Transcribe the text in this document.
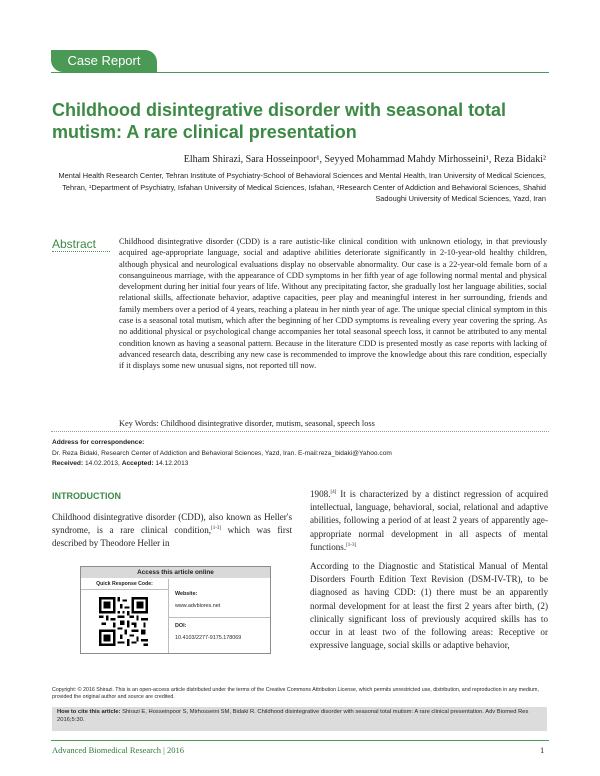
Case Report
Childhood disintegrative disorder with seasonal total mutism: A rare clinical presentation
Elham Shirazi, Sara Hosseinpoor¹, Seyyed Mohammad Mahdy Mirhosseini¹, Reza Bidaki²
Mental Health Research Center, Tehran Institute of Psychiatry-School of Behavioral Sciences and Mental Health, Iran University of Medical Sciences, Tehran, ¹Department of Psychiatry, Isfahan University of Medical Sciences, Isfahan, ²Research Center of Addiction and Behavioral Sciences, Shahid Sadoughi University of Medical Sciences, Yazd, Iran
Abstract	Childhood disintegrative disorder (CDD) is a rare autistic-like clinical condition with unknown etiology, in that previously acquired age-appropriate language, social and adaptive abilities deteriorate significantly in 2-10-year-old healthy children, although physical and neurological evaluations display no observable abnormality. Our case is a 22-year-old female born of a consanguineous marriage, with the appearance of CDD symptoms in her fifth year of age following normal mental and physical development during her initial four years of life. Without any precipitating factor, she gradually lost her language abilities, social relational skills, affectionate behavior, adaptive capacities, peer play and meaningful interest in her surrounding, friends and family members over a period of 4 years, reaching a plateau in her ninth year of age. The unique special clinical symptom in this case is a seasonal total mutism, which after the beginning of her CDD symptoms is revealing every year covering the spring. As no additional physical or psychological change accompanies her total seasonal speech loss, it cannot be attributed to any mental condition known as having a seasonal pattern. Because in the literature CDD is presented mostly as case reports with lacking of advanced research data, describing any new case is recommended to improve the knowledge about this rare condition, especially if it displays some new unusual signs, not reported till now.
Key Words: Childhood disintegrative disorder, mutism, seasonal, speech loss
Address for correspondence:
Dr. Reza Bidaki, Research Center of Addiction and Behavioral Sciences, Yazd, Iran. E-mail:reza_bidaki@Yahoo.com
Received: 14.02.2013, Accepted: 14.12.2013
INTRODUCTION
Childhood disintegrative disorder (CDD), also known as Heller's syndrome, is a rare clinical condition,[1-3] which was first described by Theodore Heller in
1908.[4] It is characterized by a distinct regression of acquired intellectual, language, behavioral, social, relational and adaptive abilities, following a period of at least 2 years of apparently age-appropriate normal development in all aspects of mental functions.[1-3]
According to the Diagnostic and Statistical Manual of Mental Disorders Fourth Edition Text Revision (DSM-IV-TR), to be diagnosed as having CDD: (1) there must be an apparently normal development for at least the first 2 years after birth, (2) clinically significant loss of previously acquired skills has to occur in at least two of the following areas: Receptive or expressive language, social skills or adaptive behavior,
Access this article online
Quick Response Code:
Website:
www.advbiores.net
DOI:
10.4103/2277-9175.178069
Copyright: © 2016 Shirazi. This is an open-access article distributed under the terms of the Creative Commons Attribution License, which permits unrestricted use, distribution, and reproduction in any medium, provided the original author and source are credited.
How to cite this article: Shirazi E, Hosseinpoor S, Mirhosseini SM, Bidaki R. Childhood disintegrative disorder with seasonal total mutism: A rare clinical presentation. Adv Biomed Res 2016;5:30.
Advanced Biomedical Research | 2016	1
